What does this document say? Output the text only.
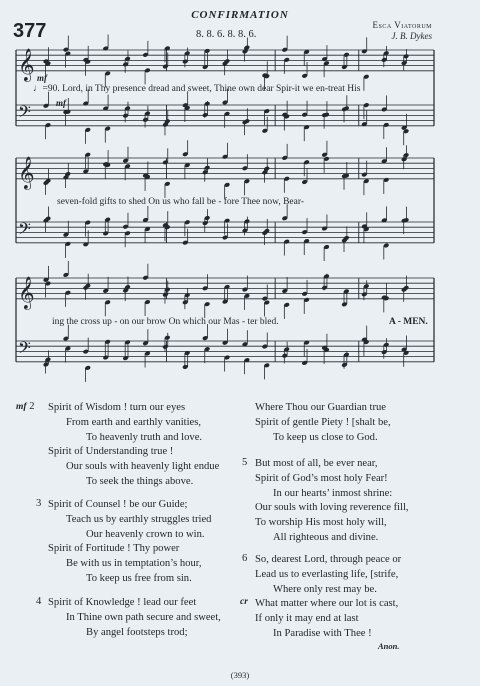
CONFIRMATION
377	8. 8. 6. 8. 8. 6.
Esca Viatorum
J. B. Dykes
𝄞
𝄢
𝄞
𝄢
𝄞
𝄢
mf
♩=90. Lord, in Thy presence dread and sweet, Thine own dear Spir-it we en-treat His
mf
seven-fold gifts to shed On us who fall be - fore Thee now, Bear-
ing the cross up - on our brow On which our Mas - ter bled.	A - MEN.
mf 2 Spirit of Wisdom ! turn our eyes
From earth and earthly vanities,
To heavenly truth and love.
Spirit of Understanding true !
Our souls with heavenly light endue
To seek the things above.
3 Spirit of Counsel ! be our Guide;
Teach us by earthly struggles tried
Our heavenly crown to win.
Spirit of Fortitude ! Thy power
Be with us in temptation’s hour,
To keep us free from sin.
4 Spirit of Knowledge ! lead our feet
In Thine own path secure and sweet,
By angel footsteps trod;
Where Thou our Guardian true
Spirit of gentle Piety ! [shalt be,
To keep us close to God.
5 But most of all, be ever near,
Spirit of God’s most holy Fear!
In our hearts’ inmost shrine:
Our souls with loving reverence fill,
To worship His most holy will,
All righteous and divine.
6 So, dearest Lord, through peace or
Lead us to everlasting life, [strife,
Where only rest may be.
cr What matter where our lot is cast,
If only it may end at last
In Paradise with Thee !
Anon.
(393)
